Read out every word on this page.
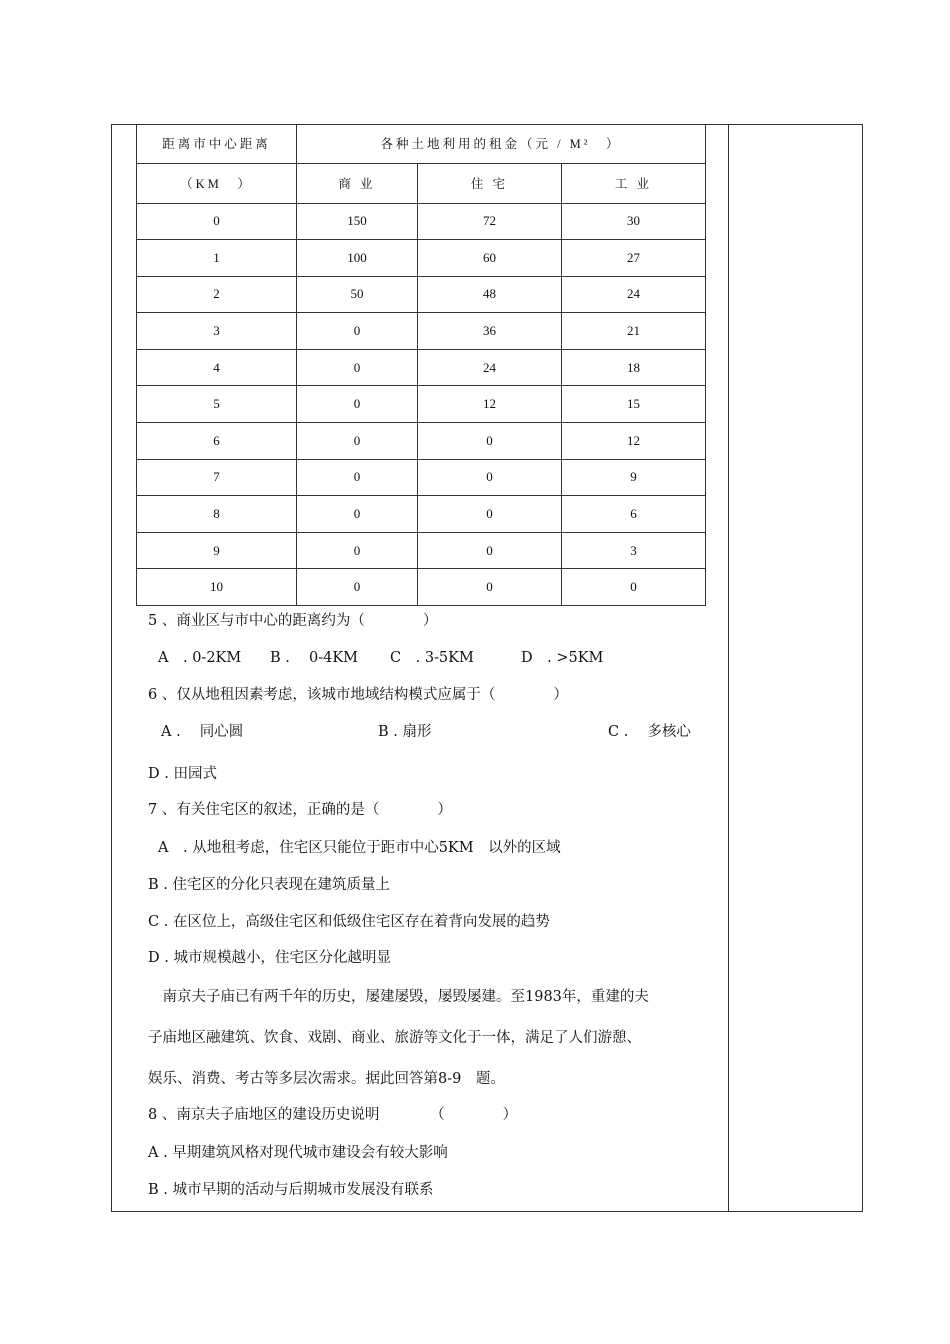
距离市中心距离	各种土地利用的租金（元 / M²　）		
（KM　）	商 业	住 宅	工 业
0	150	72	30
1	100	60	27
2	50	48	24
3	0	36	21
4	0	24	18
5	0	12	15
6	0	0	12
7	0	0	9
8	0	0	6
9	0	0	3
10	0	0	0
5 、商业区与市中心的距离约为（　　　　）
A　. 0-2KM B .　 0-4KM C　. 3-5KM	D　. >5KM
6 、仅从地租因素考虑，该城市地域结构模式应属于（　　　　）
A .　 同心圆	B . 扇形	C .　 多核心
D . 田园式
7 、有关住宅区的叙述，正确的是（　　　　）
A　. 从地租考虑，住宅区只能位于距市中心5KM　以外的区域
B . 住宅区的分化只表现在建筑质量上
C . 在区位上，高级住宅区和低级住宅区存在着背向发展的趋势
D . 城市规模越小，住宅区分化越明显
　南京夫子庙已有两千年的历史，屡建屡毁，屡毁屡建。至1983年，重建的夫
子庙地区融建筑、饮食、戏剧、商业、旅游等文化于一体，满足了人们游憩、
娱乐、消费、考古等多层次需求。据此回答第8-9　题。
8 、南京夫子庙地区的建设历史说明　　　　（　　　　）
A . 早期建筑风格对现代城市建设会有较大影响
B . 城市早期的活动与后期城市发展没有联系
